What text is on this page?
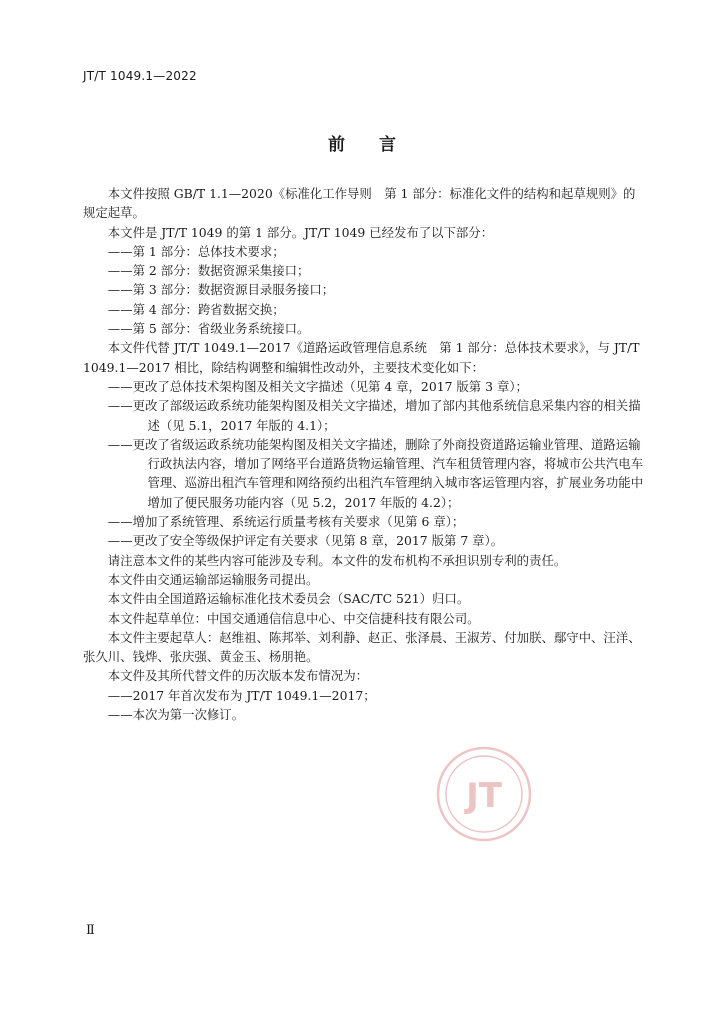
JT/T 1049.1—2022
前 言

本文件按照 GB/T 1.1—2020《标准化工作导则　第 1 部分：标准化文件的结构和起草规则》的规定起草。

本文件是 JT/T 1049 的第 1 部分。JT/T 1049 已经发布了以下部分：

——第 1 部分：总体技术要求；

——第 2 部分：数据资源采集接口；

——第 3 部分：数据资源目录服务接口；

——第 4 部分：跨省数据交换；

——第 5 部分：省级业务系统接口。

本文件代替 JT/T 1049.1—2017《道路运政管理信息系统　第 1 部分：总体技术要求》，与 JT/T 1049.1—2017 相比，除结构调整和编辑性改动外，主要技术变化如下：

——更改了总体技术架构图及相关文字描述（见第 4 章，2017 版第 3 章）；

——更改了部级运政系统功能架构图及相关文字描述，增加了部内其他系统信息采集内容的相关描述（见 5.1，2017 年版的 4.1）；

——更改了省级运政系统功能架构图及相关文字描述，删除了外商投资道路运输业管理、道路运输行政执法内容，增加了网络平台道路货物运输管理、汽车租赁管理内容，将城市公共汽电车管理、巡游出租汽车管理和网络预约出租汽车管理纳入城市客运管理内容，扩展业务功能中增加了便民服务功能内容（见 5.2，2017 年版的 4.2）；

——增加了系统管理、系统运行质量考核有关要求（见第 6 章）；

——更改了安全等级保护评定有关要求（见第 8 章，2017 版第 7 章）。

请注意本文件的某些内容可能涉及专利。本文件的发布机构不承担识别专利的责任。

本文件由交通运输部运输服务司提出。

本文件由全国道路运输标准化技术委员会（SAC/TC 521）归口。

本文件起草单位：中国交通通信信息中心、中交信捷科技有限公司。

本文件主要起草人：赵维祖、陈邦举、刘利静、赵正、张泽晨、王淑芳、付加朕、鄢守中、汪洋、张久川、钱烨、张庆强、黄金玉、杨朋艳。

本文件及其所代替文件的历次版本发布情况为：

——2017 年首次发布为 JT/T 1049.1—2017；

——本次为第一次修订。

JT
Ⅱ
